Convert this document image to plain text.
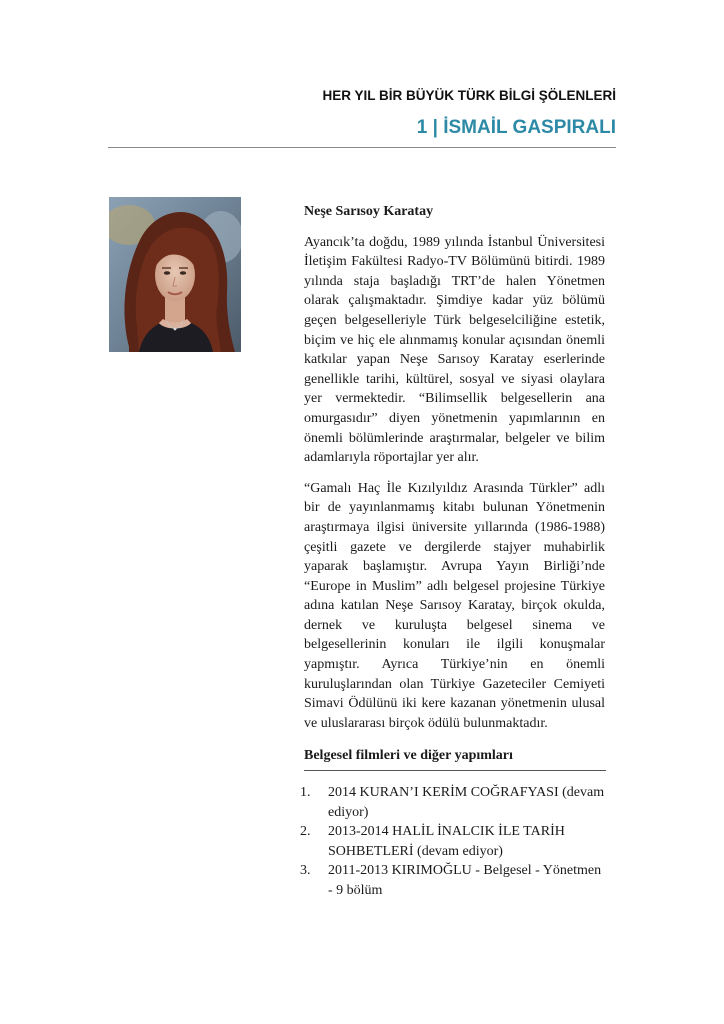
HER YIL BİR BÜYÜK TÜRK BİLGİ ŞÖLENLERİ
1 | İSMAİL GASPIRALI
Neşe Sarısoy Karatay

Ayancık’ta doğdu, 1989 yılında İstanbul Üniversitesi İletişim Fakültesi Radyo-TV Bölümünü bitirdi. 1989 yılında staja başladığı TRT’de halen Yönetmen olarak çalışmaktadır. Şimdiye kadar yüz bölümü geçen belgeselleriyle Türk belgeselciliğine estetik, biçim ve hiç ele alınmamış konular açısından önemli katkılar yapan Neşe Sarısoy Karatay eserlerinde genellikle tarihi, kültürel, sosyal ve siyasi olaylara yer vermektedir. “Bilimsellik belgesellerin ana omurgasıdır” diyen yönetmenin yapımlarının en önemli bölümlerinde araştırmalar, belgeler ve bilim adamlarıyla röportajlar yer alır.

“Gamalı Haç İle Kızılyıldız Arasında Türkler” adlı bir de yayınlanmamış kitabı bulunan Yönetmenin araştırmaya ilgisi üniversite yıllarında (1986-1988) çeşitli gazete ve dergilerde stajyer muhabirlik yaparak başlamıştır. Avrupa Yayın Birliği’nde “Europe in Muslim” adlı belgesel projesine Türkiye adına katılan Neşe Sarısoy Karatay, birçok okulda, dernek ve kuruluşta belgesel sinema ve belgesellerinin konuları ile ilgili konuşmalar yapmıştır. Ayrıca Türkiye’nin en önemli kuruluşlarından olan Türkiye Gazeteciler Cemiyeti Simavi Ödülünü iki kere kazanan yönetmenin ulusal ve uluslararası birçok ödülü bulunmaktadır.

Belgesel filmleri ve diğer yapımları
1. 2014 KURAN’I KERİM COĞRAFYASI (devam ediyor)
2. 2013-2014 HALİL İNALCIK İLE TARİH SOHBETLERİ (devam ediyor)
3. 2011-2013 KIRIMOĞLU - Belgesel - Yönetmen - 9 bölüm
